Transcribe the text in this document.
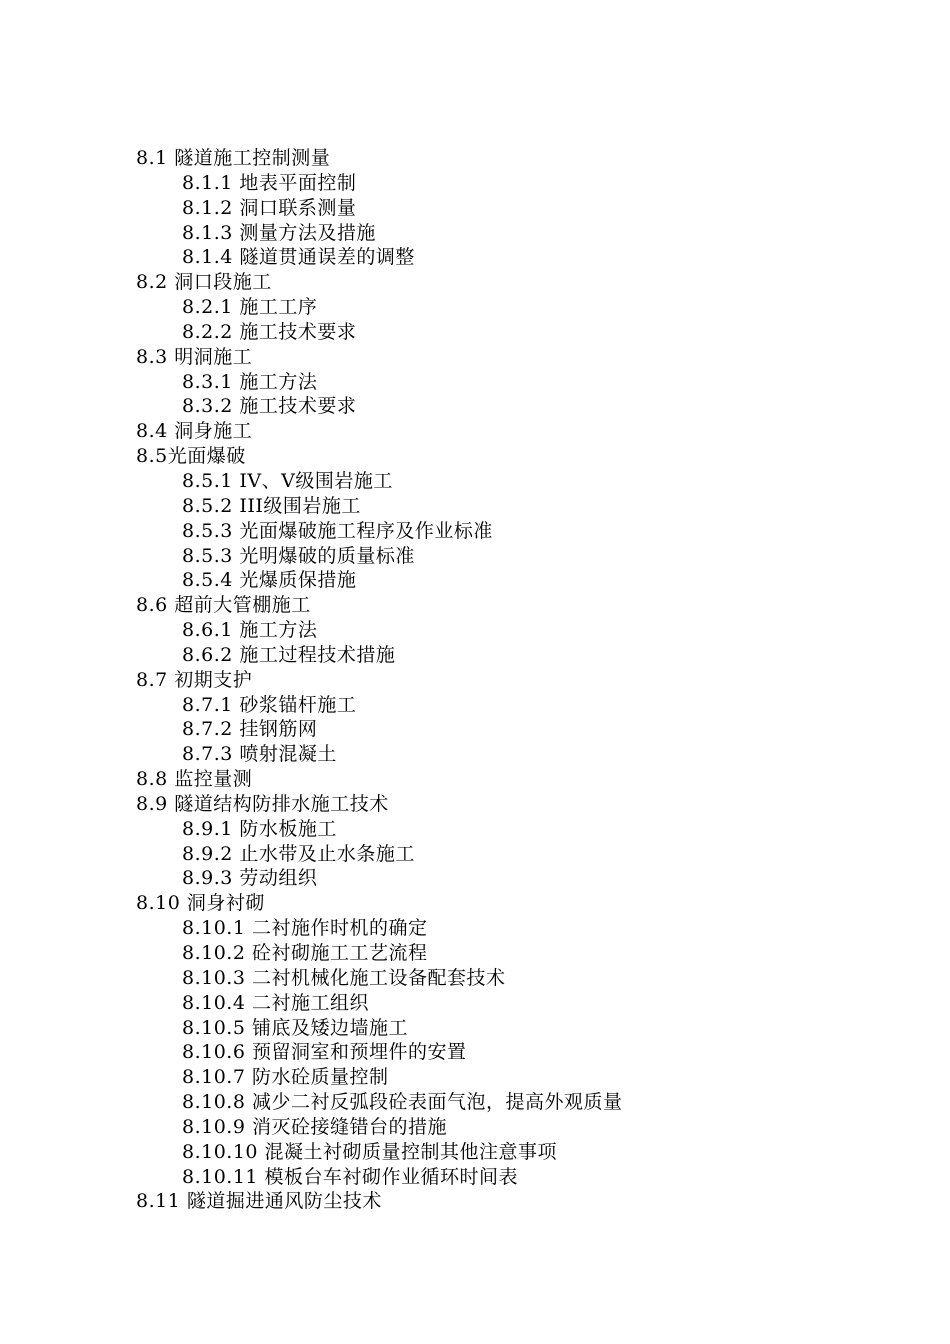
8.1 隧道施工控制测量
8.1.1 地表平面控制
8.1.2 洞口联系测量
8.1.3 测量方法及措施
8.1.4 隧道贯通误差的调整
8.2 洞口段施工
8.2.1 施工工序
8.2.2 施工技术要求
8.3 明洞施工
8.3.1 施工方法
8.3.2 施工技术要求
8.4 洞身施工
8.5光面爆破
8.5.1 IV、V级围岩施工
8.5.2 III级围岩施工
8.5.3 光面爆破施工程序及作业标准
8.5.3 光明爆破的质量标准
8.5.4 光爆质保措施
8.6 超前大管棚施工
8.6.1 施工方法
8.6.2 施工过程技术措施
8.7 初期支护
8.7.1 砂浆锚杆施工
8.7.2 挂钢筋网
8.7.3 喷射混凝土
8.8 监控量测
8.9 隧道结构防排水施工技术
8.9.1 防水板施工
8.9.2 止水带及止水条施工
8.9.3 劳动组织
8.10 洞身衬砌
8.10.1 二衬施作时机的确定
8.10.2 砼衬砌施工工艺流程
8.10.3 二衬机械化施工设备配套技术
8.10.4 二衬施工组织
8.10.5 铺底及矮边墙施工
8.10.6 预留洞室和预埋件的安置
8.10.7 防水砼质量控制
8.10.8 减少二衬反弧段砼表面气泡，提高外观质量
8.10.9 消灭砼接缝错台的措施
8.10.10 混凝土衬砌质量控制其他注意事项
8.10.11 模板台车衬砌作业循环时间表
8.11 隧道掘进通风防尘技术
